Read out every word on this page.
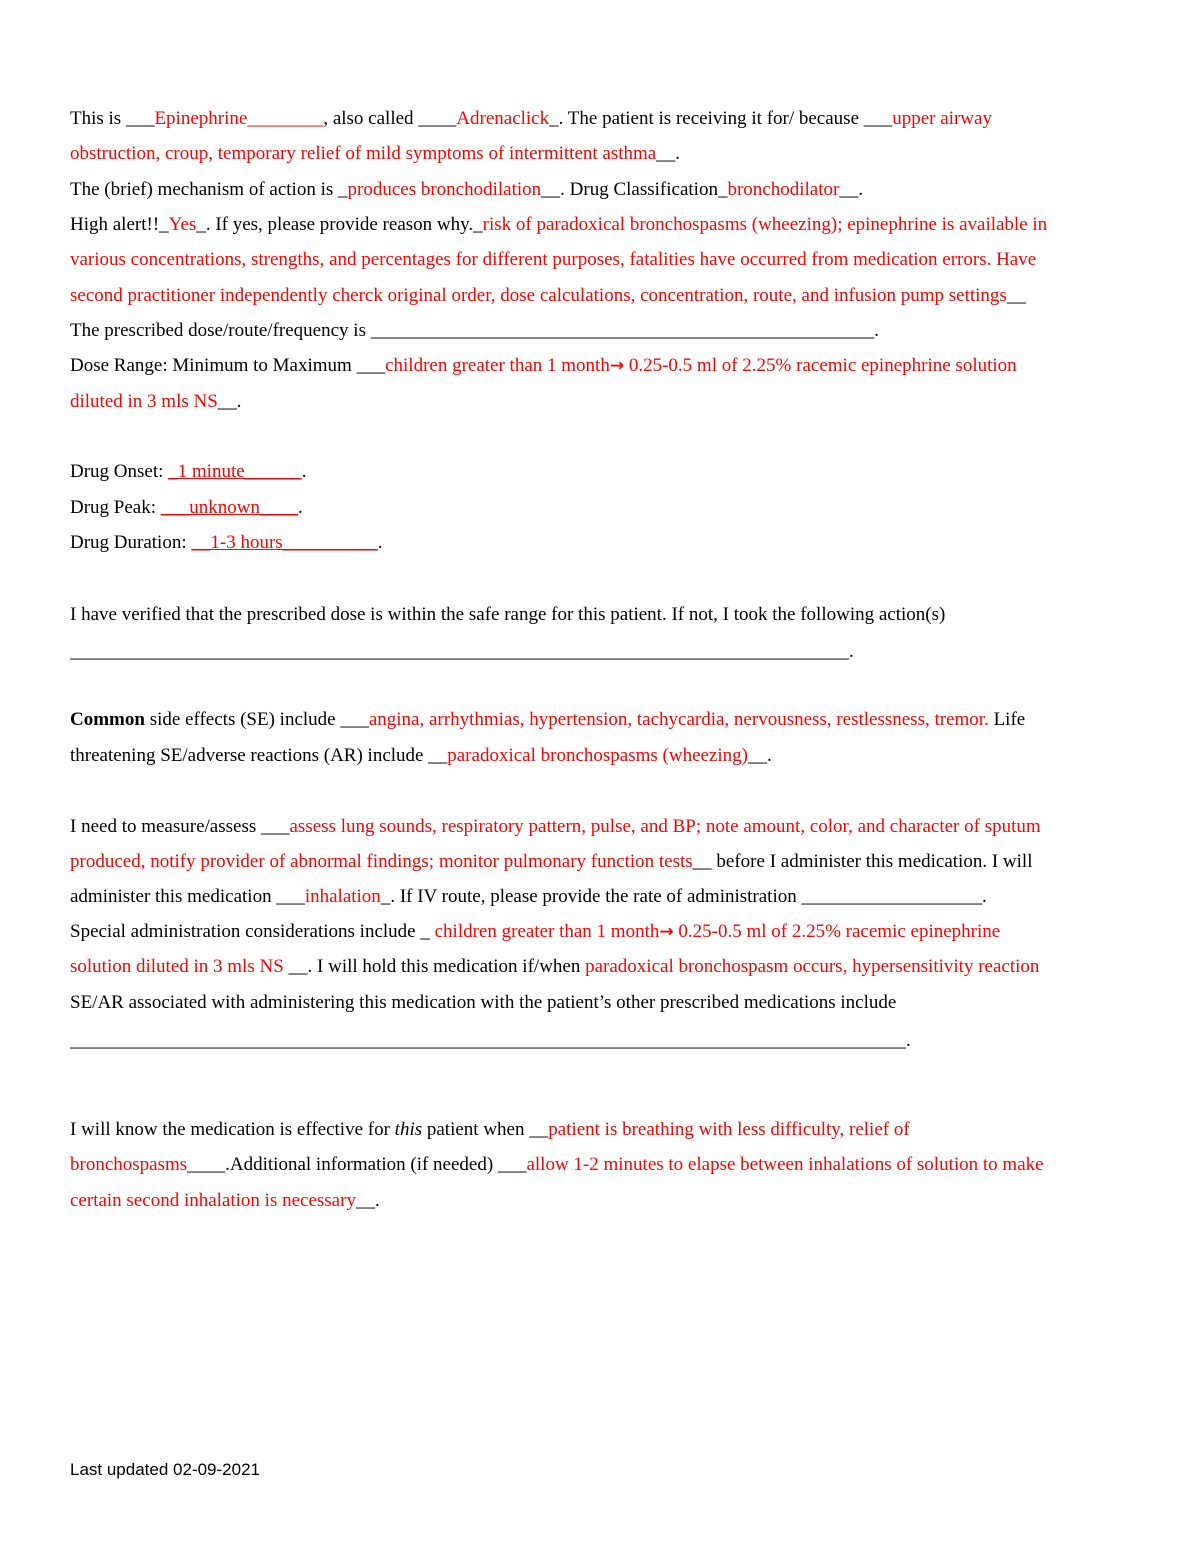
This is ___Epinephrine________, also called ____Adrenaclick_. The patient is receiving it for/ because ___upper airway
obstruction, croup, temporary relief of mild symptoms of intermittent asthma__.
The (brief) mechanism of action is _produces bronchodilation__. Drug Classification_bronchodilator__.
High alert!!_Yes_. If yes, please provide reason why._risk of paradoxical bronchospasms (wheezing); epinephrine is available in
various concentrations, strengths, and percentages for different purposes, fatalities have occurred from medication errors. Have
second practitioner independently cherck original order, dose calculations, concentration, route, and infusion pump settings__
The prescribed dose/route/frequency is _____________________________________________________.
Dose Range: Minimum to Maximum ___children greater than 1 month→ 0.25-0.5 ml of 2.25% racemic epinephrine solution
diluted in 3 mls NS__.
Drug Onset: _1 minute______.
Drug Peak: ___unknown____.
Drug Duration: __1-3 hours__________.
I have verified that the prescribed dose is within the safe range for this patient. If not, I took the following action(s)
__________________________________________________________________________________.
Common side effects (SE) include ___angina, arrhythmias, hypertension, tachycardia, nervousness, restlessness, tremor. Life
threatening SE/adverse reactions (AR) include __paradoxical bronchospasms (wheezing)__.
I need to measure/assess ___assess lung sounds, respiratory pattern, pulse, and BP; note amount, color, and character of sputum
produced, notify provider of abnormal findings; monitor pulmonary function tests__ before I administer this medication. I will
administer this medication ___inhalation_. If IV route, please provide the rate of administration ___________________.
Special administration considerations include _ children greater than 1 month→ 0.25-0.5 ml of 2.25% racemic epinephrine
solution diluted in 3 mls NS __. I will hold this medication if/when paradoxical bronchospasm occurs, hypersensitivity reaction
SE/AR associated with administering this medication with the patient’s other prescribed medications include
________________________________________________________________________________________.
I will know the medication is effective for this patient when __patient is breathing with less difficulty, relief of
bronchospasms____.Additional information (if needed) ___allow 1-2 minutes to elapse between inhalations of solution to make
certain second inhalation is necessary__.
Last updated 02-09-2021
